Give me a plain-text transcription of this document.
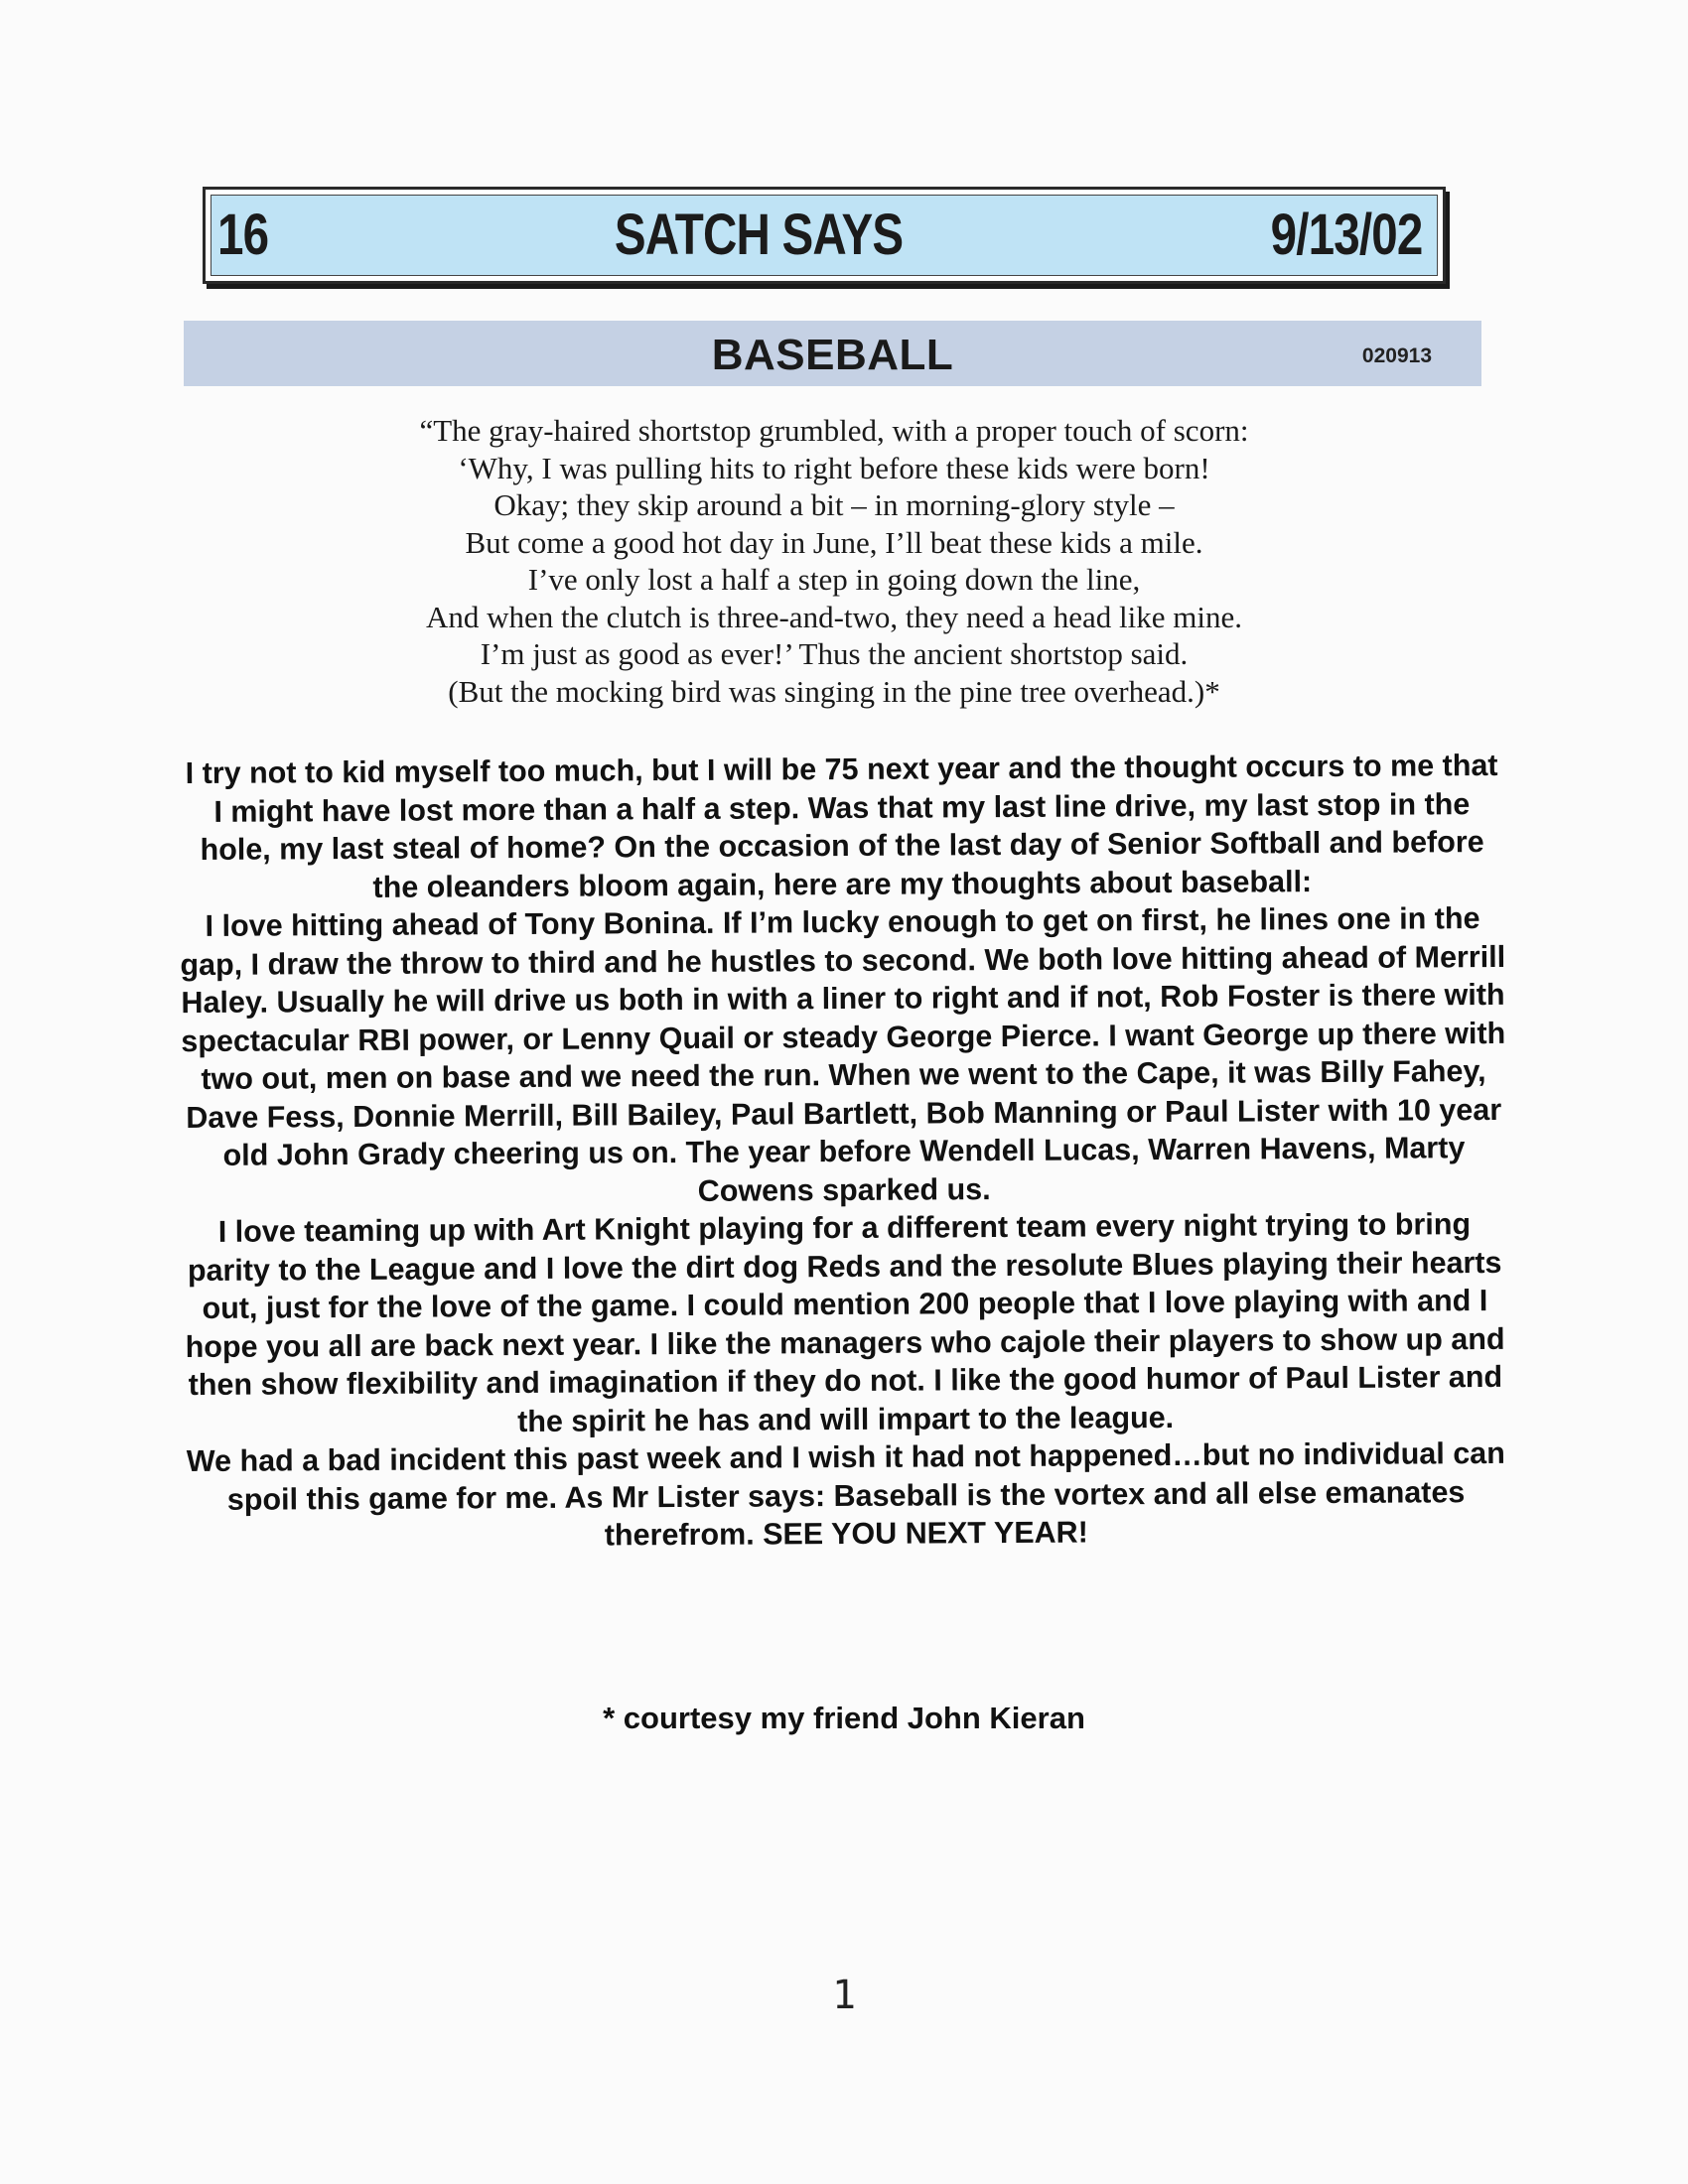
16	SATCH SAYS	9/13/02
BASEBALL	020913
“The gray-haired shortstop grumbled, with a proper touch of scorn:
‘Why, I was pulling hits to right before these kids were born!
Okay; they skip around a bit – in morning-glory style –
But come a good hot day in June, I’ll beat these kids a mile.
I’ve only lost a half a step in going down the line,
And when the clutch is three-and-two, they need a head like mine.
I’m just as good as ever!’ Thus the ancient shortstop said.
(But the mocking bird was singing in the pine tree overhead.)*

I try not to kid myself too much, but I will be 75 next year and the thought occurs to me that I might have lost more than a half a step. Was that my last line drive, my last stop in the hole, my last steal of home? On the occasion of the last day of Senior Softball and before the oleanders bloom again, here are my thoughts about baseball:

I love hitting ahead of Tony Bonina. If I’m lucky enough to get on first, he lines one in the gap, I draw the throw to third and he hustles to second. We both love hitting ahead of Merrill Haley. Usually he will drive us both in with a liner to right and if not, Rob Foster is there with spectacular RBI power, or Lenny Quail or steady George Pierce. I want George up there with two out, men on base and we need the run. When we went to the Cape, it was Billy Fahey, Dave Fess, Donnie Merrill, Bill Bailey, Paul Bartlett, Bob Manning or Paul Lister with 10 year old John Grady cheering us on. The year before Wendell Lucas, Warren Havens, Marty Cowens sparked us.

I love teaming up with Art Knight playing for a different team every night trying to bring parity to the League and I love the dirt dog Reds and the resolute Blues playing their hearts out, just for the love of the game. I could mention 200 people that I love playing with and I hope you all are back next year. I like the managers who cajole their players to show up and then show flexibility and imagination if they do not. I like the good humor of Paul Lister and the spirit he has and will impart to the league.

We had a bad incident this past week and I wish it had not happened…but no individual can spoil this game for me. As Mr Lister says: Baseball is the vortex and all else emanates therefrom. SEE YOU NEXT YEAR!

* courtesy my friend John Kieran
1
